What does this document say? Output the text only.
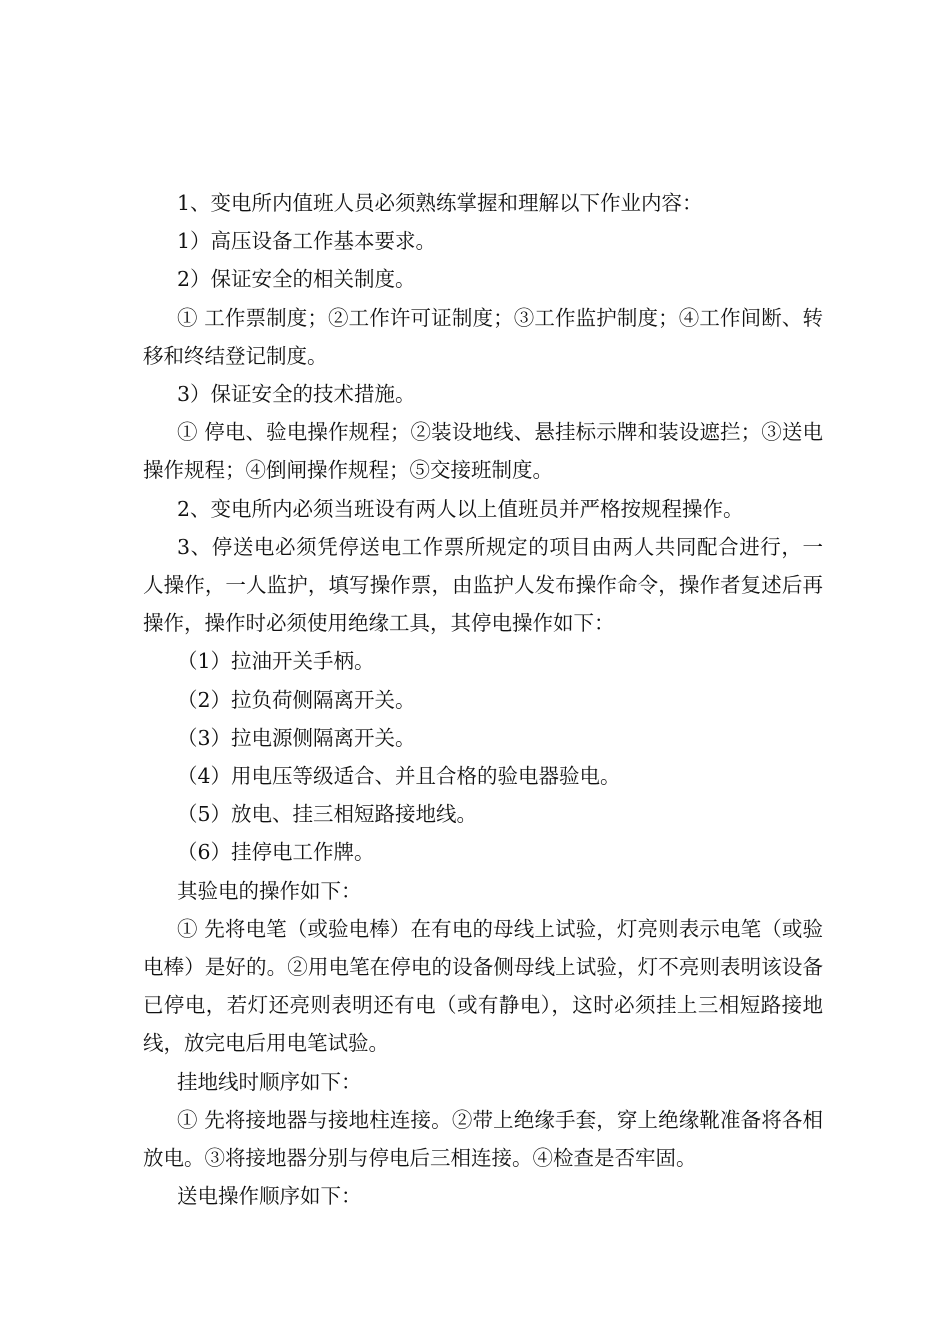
1、变电所内值班人员必须熟练掌握和理解以下作业内容：

1）高压设备工作基本要求。

2）保证安全的相关制度。

① 工作票制度；②工作许可证制度；③工作监护制度；④工作间断、转移和终结登记制度。

3）保证安全的技术措施。

① 停电、验电操作规程；②装设地线、悬挂标示牌和装设遮拦；③送电操作规程；④倒闸操作规程；⑤交接班制度。

2、变电所内必须当班设有两人以上值班员并严格按规程操作。

3、停送电必须凭停送电工作票所规定的项目由两人共同配合进行，一人操作，一人监护，填写操作票，由监护人发布操作命令，操作者复述后再操作，操作时必须使用绝缘工具，其停电操作如下：

（1）拉油开关手柄。

（2）拉负荷侧隔离开关。

（3）拉电源侧隔离开关。

（4）用电压等级适合、并且合格的验电器验电。

（5）放电、挂三相短路接地线。

（6）挂停电工作牌。

其验电的操作如下：

① 先将电笔（或验电棒）在有电的母线上试验，灯亮则表示电笔（或验电棒）是好的。②用电笔在停电的设备侧母线上试验，灯不亮则表明该设备已停电，若灯还亮则表明还有电（或有静电），这时必须挂上三相短路接地线，放完电后用电笔试验。

挂地线时顺序如下：

① 先将接地器与接地柱连接。②带上绝缘手套，穿上绝缘靴准备将各相放电。③将接地器分别与停电后三相连接。④检查是否牢固。

送电操作顺序如下：
